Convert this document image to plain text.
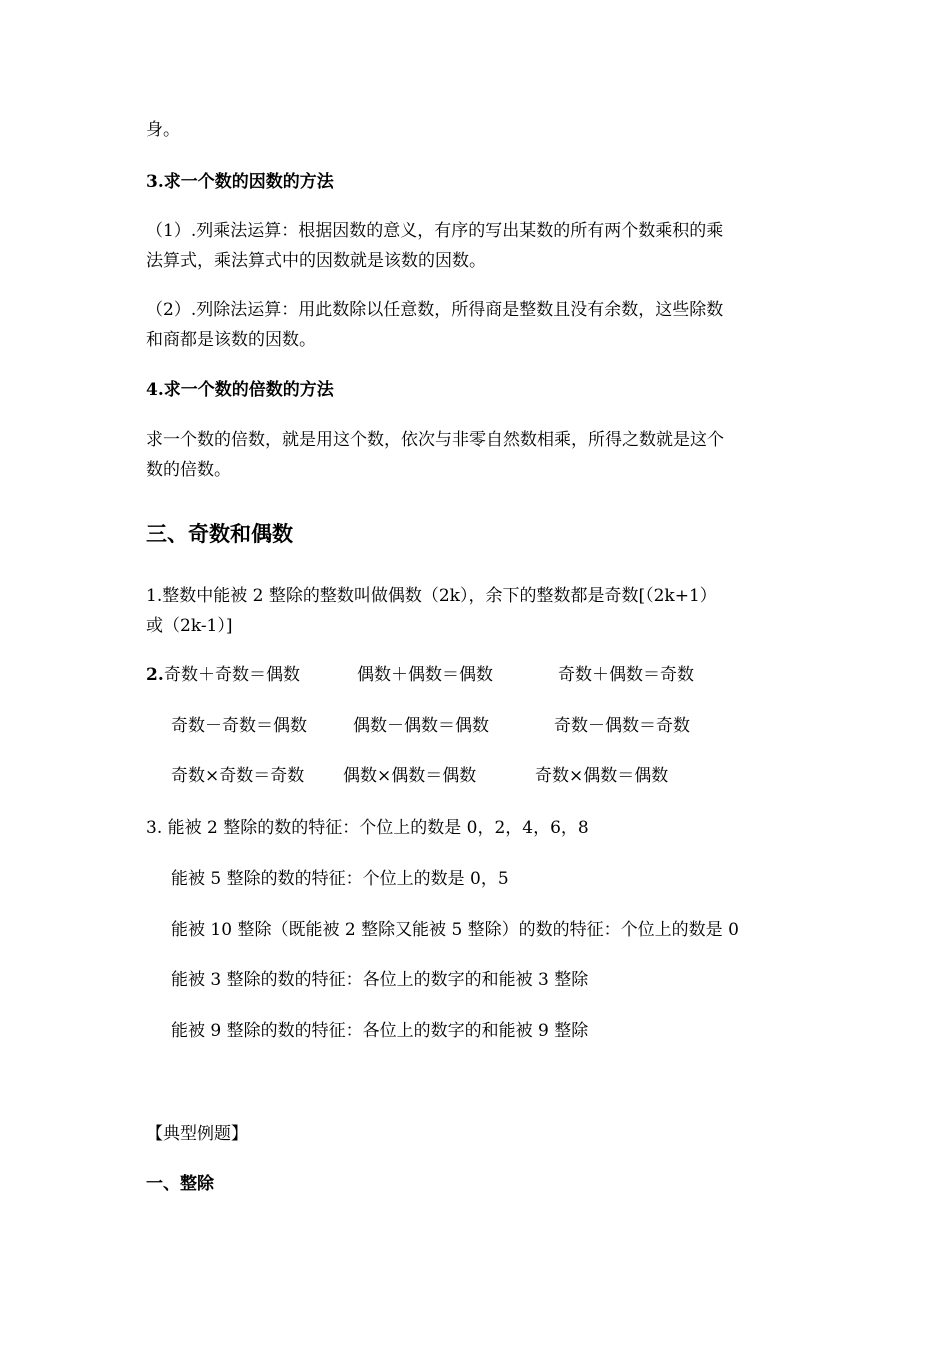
身。
3.求一个数的因数的方法
（1）.列乘法运算：根据因数的意义，有序的写出某数的所有两个数乘积的乘
法算式，乘法算式中的因数就是该数的因数。
（2）.列除法运算：用此数除以任意数，所得商是整数且没有余数，这些除数
和商都是该数的因数。
4.求一个数的倍数的方法
求一个数的倍数，就是用这个数，依次与非零自然数相乘，所得之数就是这个
数的倍数。
三、奇数和偶数
1.整数中能被 2 整除的整数叫做偶数（2k），余下的整数都是奇数[（2k+1）
或（2k-1）]
2. 奇数＋奇数＝偶数	偶数＋偶数＝偶数	奇数＋偶数＝奇数
奇数－奇数＝偶数	偶数－偶数＝偶数	奇数－偶数＝奇数
奇数×奇数＝奇数 偶数×偶数＝偶数	奇数×偶数＝偶数
3. 能被 2 整除的数的特征：个位上的数是 0，2，4，6，8
能被 5 整除的数的特征：个位上的数是 0，5
能被 10 整除（既能被 2 整除又能被 5 整除）的数的特征：个位上的数是 0
能被 3 整除的数的特征：各位上的数字的和能被 3 整除
能被 9 整除的数的特征：各位上的数字的和能被 9 整除
【典型例题】
一、整除
